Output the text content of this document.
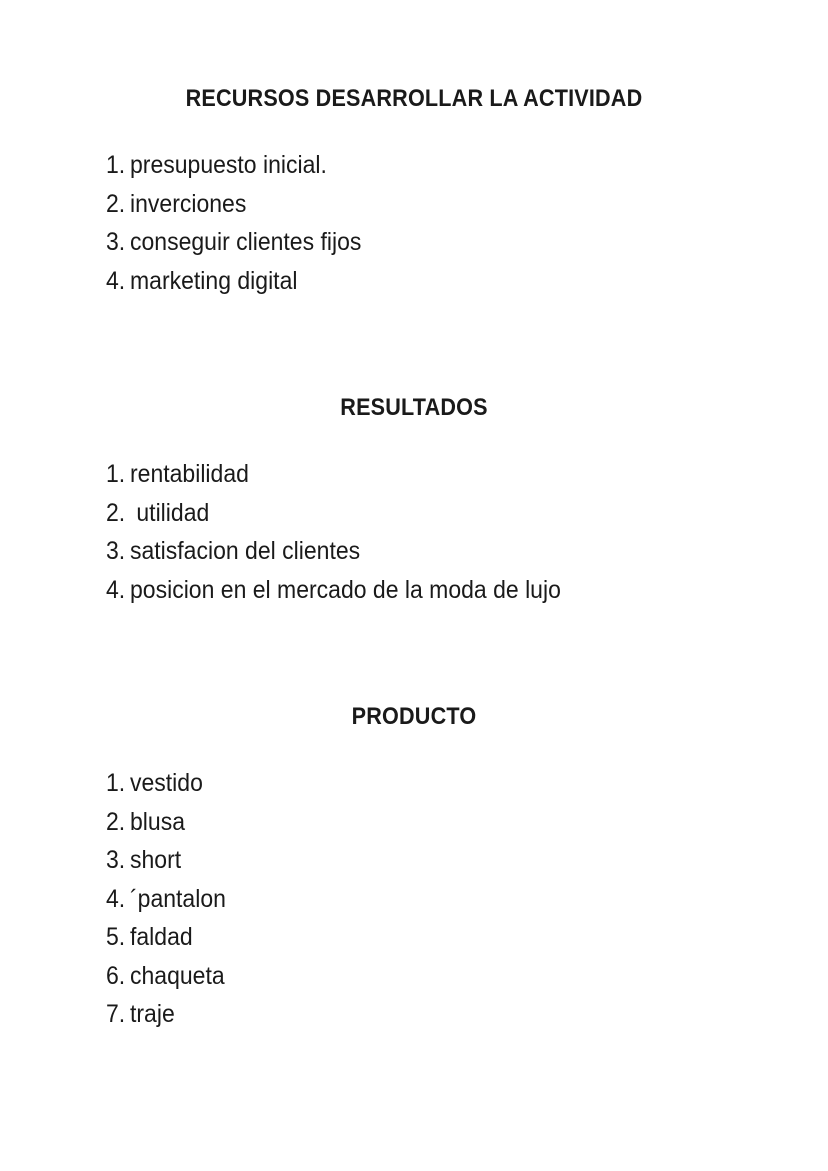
RECURSOS DESARROLLAR LA ACTIVIDAD
1. presupuesto inicial.
2. inverciones
3. conseguir clientes fijos
4. marketing digital
RESULTADOS
1. rentabilidad
2. utilidad
3. satisfacion del clientes
4. posicion en el mercado de la moda de lujo
PRODUCTO
1. vestido
2. blusa
3. short
4. ´pantalon
5. faldad
6. chaqueta
7. traje
